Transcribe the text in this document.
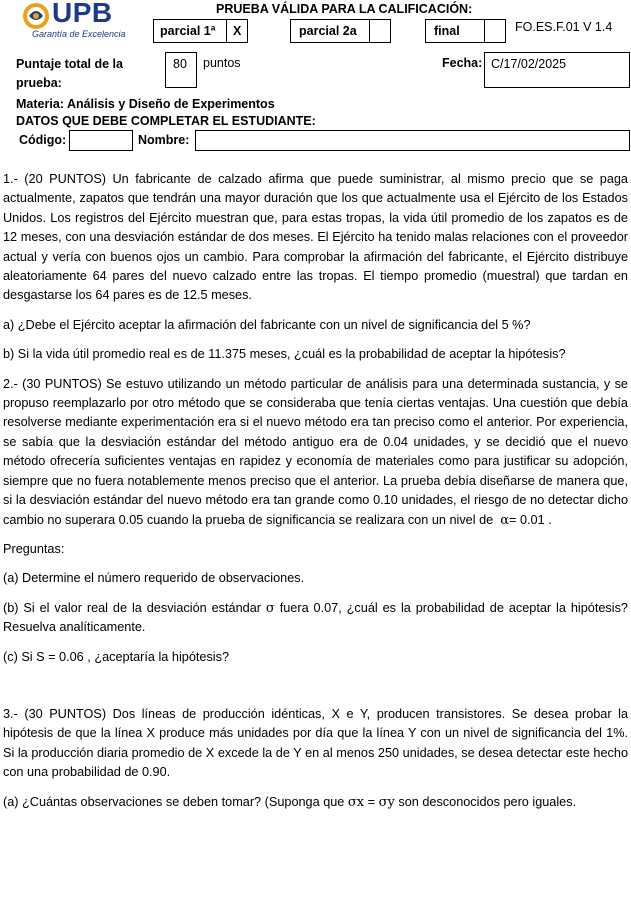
UPB
Garantía de Excelencia
PRUEBA VÁLIDA PARA LA CALIFICACIÓN:
parcial 1ª X	parcial 2a	final	FO.ES.F.01 V 1.4
Puntaje total de la
prueba:
80 puntos	Fecha: C/17/02/2025
Materia: Análisis y Diseño de Experimentos
DATOS QUE DEBE COMPLETAR EL ESTUDIANTE:
Código:	Nombre:

1.- (20 PUNTOS) Un fabricante de calzado afirma que puede suministrar, al mismo precio que se paga actualmente, zapatos que tendrán una mayor duración que los que actualmente usa el Ejército de los Estados Unidos. Los registros del Ejército muestran que, para estas tropas, la vida útil promedio de los zapatos es de 12 meses, con una desviación estándar de dos meses. El Ejército ha tenido malas relaciones con el proveedor actual y vería con buenos ojos un cambio. Para comprobar la afirmación del fabricante, el Ejército distribuye aleatoriamente 64 pares del nuevo calzado entre las tropas. El tiempo promedio (muestral) que tardan en desgastarse los 64 pares es de 12.5 meses.

a) ¿Debe el Ejército aceptar la afirmación del fabricante con un nivel de significancia del 5 %?

b) Si la vida útil promedio real es de 11.375 meses, ¿cuál es la probabilidad de aceptar la hipótesis?

2.- (30 PUNTOS) Se estuvo utilizando un método particular de análisis para una determinada sustancia, y se propuso reemplazarlo por otro método que se consideraba que tenía ciertas ventajas. Una cuestión que debía resolverse mediante experimentación era si el nuevo método era tan preciso como el anterior. Por experiencia, se sabía que la desviación estándar del método antiguo era de 0.04 unidades, y se decidió que el nuevo método ofrecería suficientes ventajas en rapidez y economía de materiales como para justificar su adopción, siempre que no fuera notablemente menos preciso que el anterior. La prueba debía diseñarse de manera que, si la desviación estándar del nuevo método era tan grande como 0.10 unidades, el riesgo de no detectar dicho cambio no superara 0.05 cuando la prueba de significancia se realizara con un nivel de α= 0.01 .

Preguntas:

(a) Determine el número requerido de observaciones.

(b) Si el valor real de la desviación estándar σ fuera 0.07, ¿cuál es la probabilidad de aceptar la hipótesis? Resuelva analíticamente.

(c) Si S = 0.06 , ¿aceptaría la hipótesis?

3.- (30 PUNTOS) Dos líneas de producción idénticas, X e Y, producen transistores. Se desea probar la hipótesis de que la línea X produce más unidades por día que la línea Y con un nivel de significancia del 1%. Si la producción diaria promedio de X excede la de Y en al menos 250 unidades, se desea detectar este hecho con una probabilidad de 0.90.

(a) ¿Cuántas observaciones se deben tomar? (Suponga que σx = σy son desconocidos pero iguales.
